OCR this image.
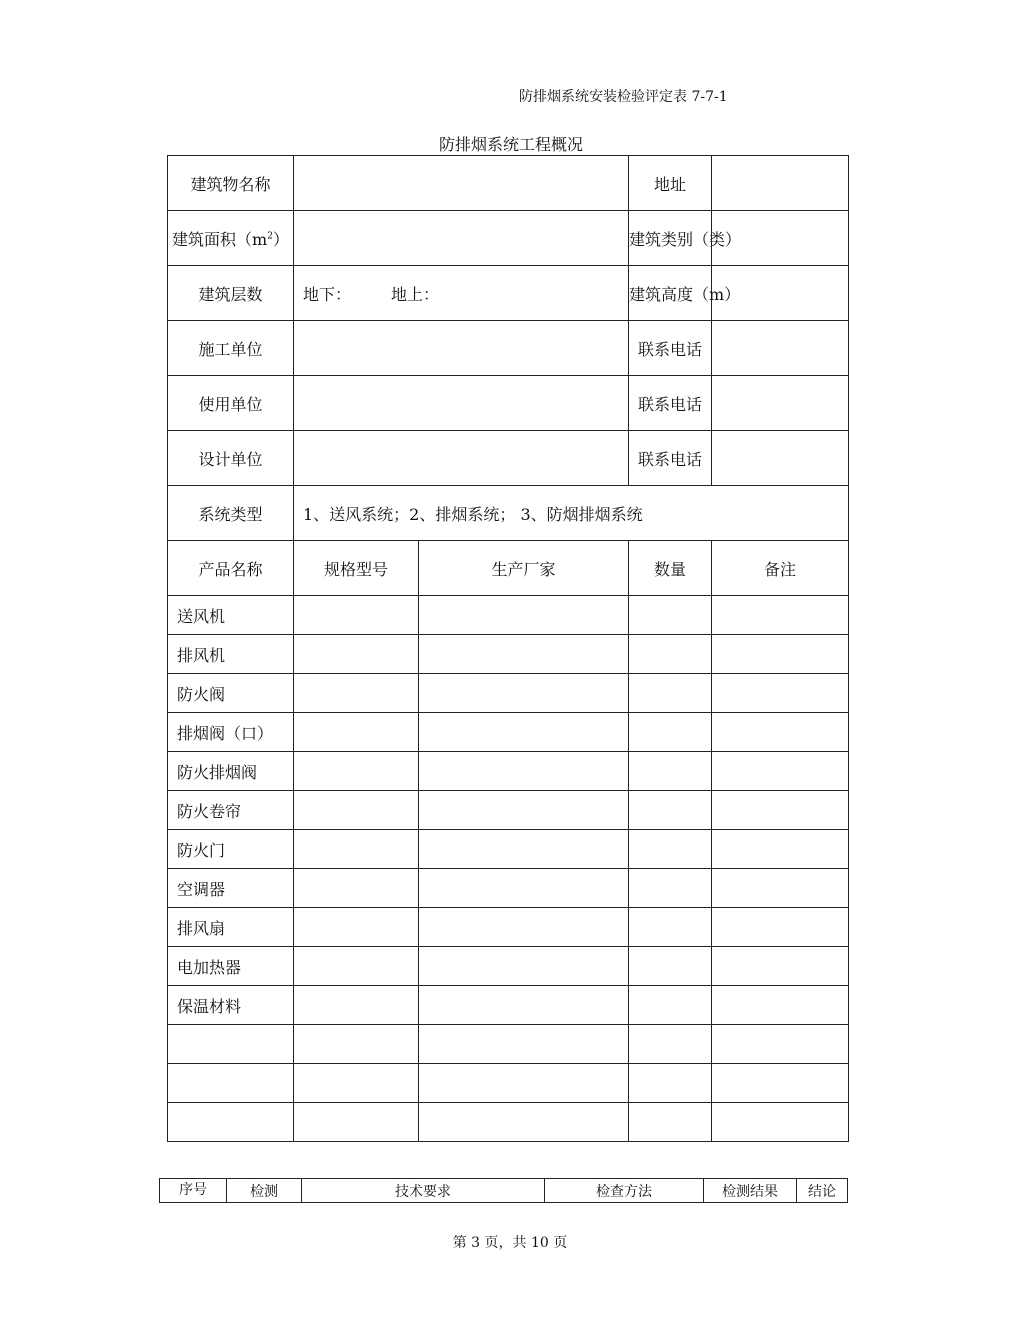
防排烟系统安装检验评定表 7-7-1
防排烟系统工程概况
建筑物名称			地址	
建筑面积$(m^2)$			建筑类别（类）	
建筑层数	地下： 地上：		建筑高度（m）	
施工单位			联系电话	
使用单位			联系电话	
设计单位			联系电话	
系统类型	1、送风系统；2、排烟系统； 3、防烟排烟系统			
产品名称	规格型号	生产厂家	数量	备注
送风机				
排风机				
防火阀				
排烟阀（口）				
防火排烟阀				
防火卷帘				
防火门				
空调器				
排风扇				
电加热器				
保温材料				

序号	检测	技术要求	检查方法	检测结果	结论
第 3 页，共 10 页
